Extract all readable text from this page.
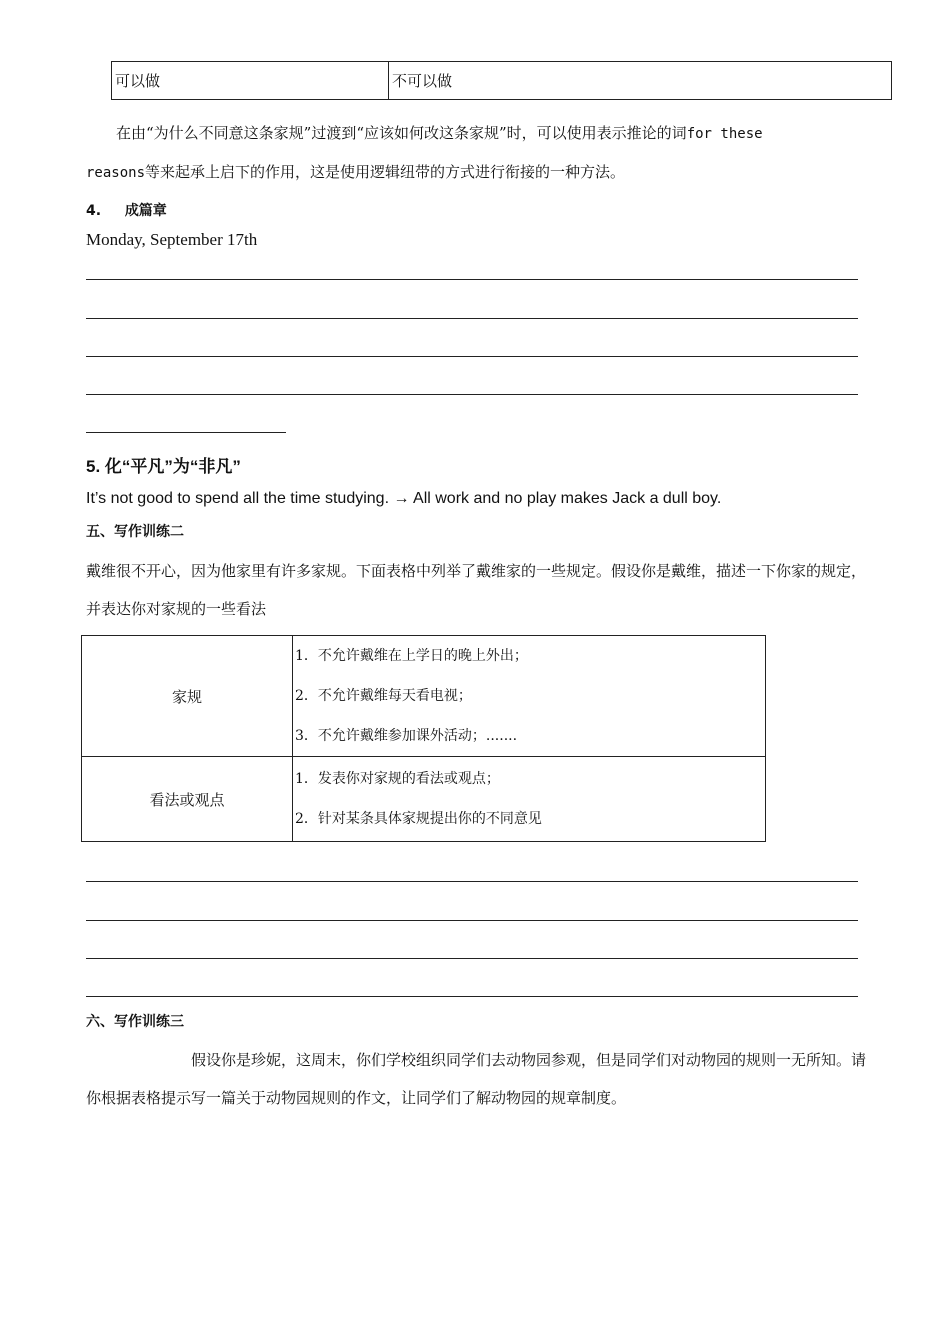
可以做	不可以做
在由“为什么不同意这条家规”过渡到“应该如何改这条家规”时，可以使用表示推论的词for these
reasons等来起承上启下的作用，这是使用逻辑纽带的方式进行衔接的一种方法。
4. 成篇章
Monday, September 17th
5. 化“平凡”为“非凡”
It’s not good to spend all the time studying. → All work and no play makes Jack a dull boy.
五、写作训练二
戴维很不开心，因为他家里有许多家规。下面表格中列举了戴维家的一些规定。假设你是戴维，描述一下你家的规定，并表达你对家规的一些看法
家规	1．不允许戴维在上学日的晚上外出；
2．不允许戴维每天看电视；
3．不允许戴维参加课外活动；.......

看法或观点	1．发表你对家规的看法或观点；
2．针对某条具体家规提出你的不同意见
六、写作训练三
假设你是珍妮，这周末，你们学校组织同学们去动物园参观，但是同学们对动物园的规则一无所知。请你根据表格提示写一篇关于动物园规则的作文，让同学们了解动物园的规章制度。
